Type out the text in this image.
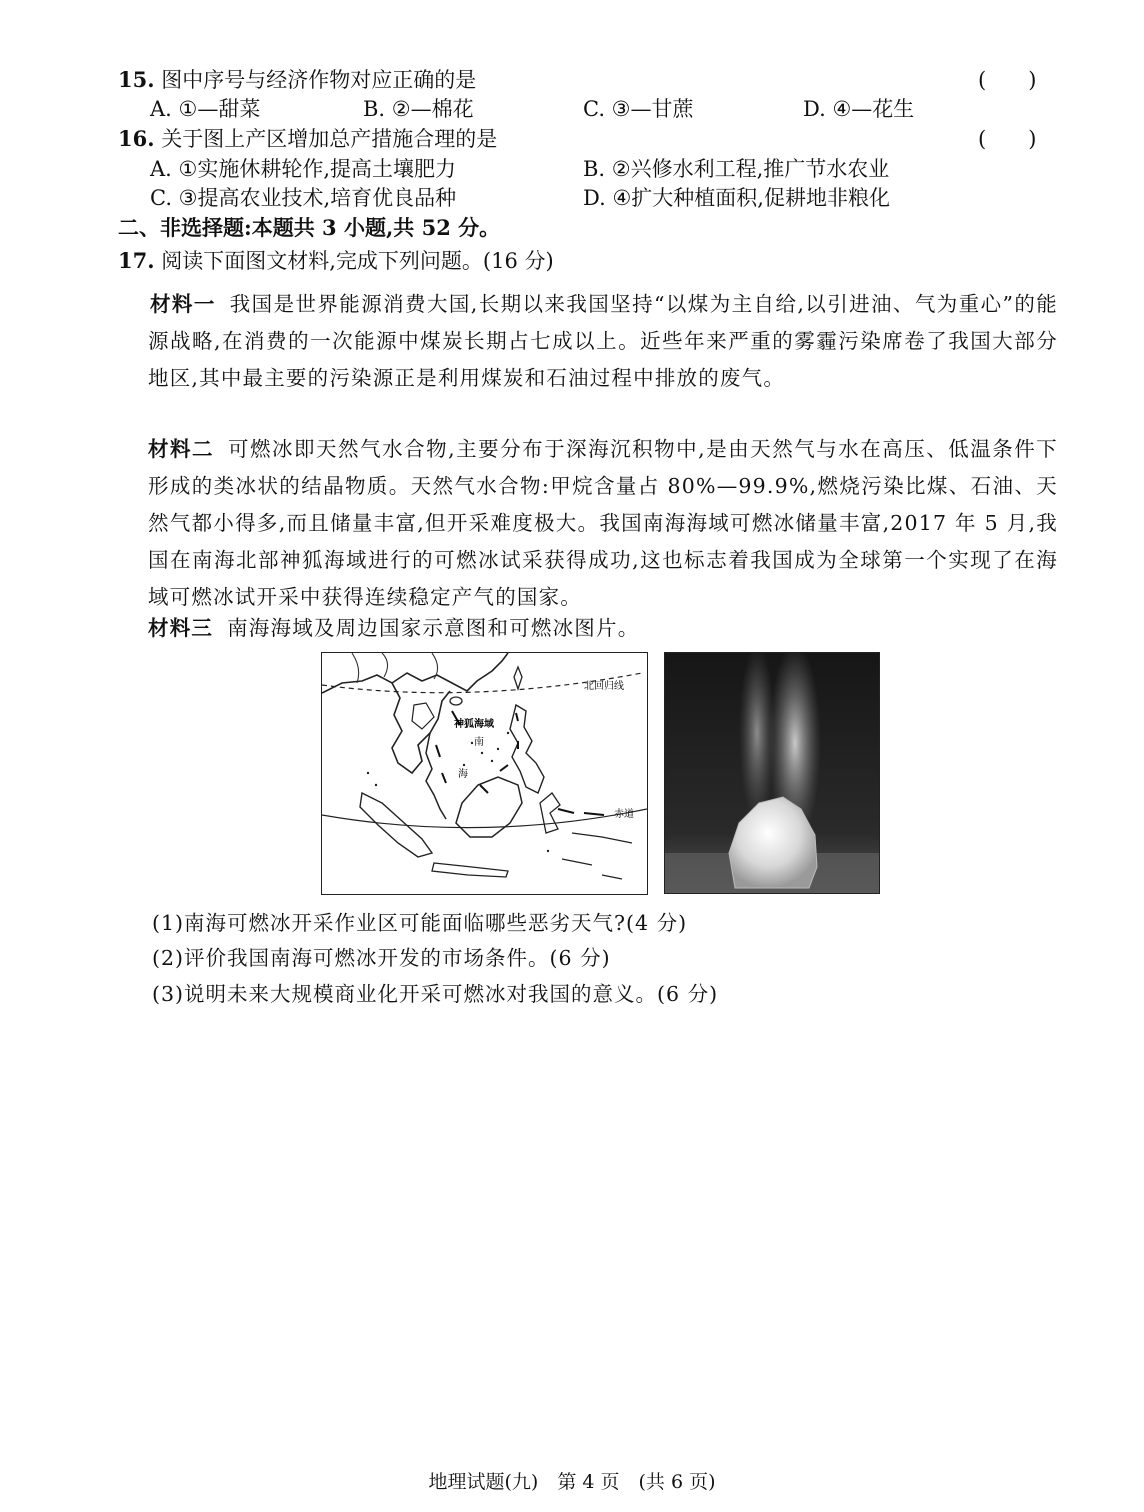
15. 图中序号与经济作物对应正确的是	(　　)
A. ①—甜菜	B. ②—棉花	C. ③—甘蔗	D. ④—花生
16. 关于图上产区增加总产措施合理的是	(　　)
A. ①实施休耕轮作,提高土壤肥力	B. ②兴修水利工程,推广节水农业
C. ③提高农业技术,培育优良品种	D. ④扩大种植面积,促耕地非粮化
二、非选择题:本题共 3 小题,共 52 分。
17. 阅读下面图文材料,完成下列问题。(16 分)
材料一 我国是世界能源消费大国,长期以来我国坚持“以煤为主自给,以引进油、气为重心”的能源战略,在消费的一次能源中煤炭长期占七成以上。近些年来严重的雾霾污染席卷了我国大部分地区,其中最主要的污染源正是利用煤炭和石油过程中排放的废气。
材料二 可燃冰即天然气水合物,主要分布于深海沉积物中,是由天然气与水在高压、低温条件下形成的类冰状的结晶物质。天然气水合物:甲烷含量占 80%—99.9%,燃烧污染比煤、石油、天然气都小得多,而且储量丰富,但开采难度极大。我国南海海域可燃冰储量丰富,2017 年 5 月,我国在南海北部神狐海域进行的可燃冰试采获得成功,这也标志着我国成为全球第一个实现了在海域可燃冰试开采中获得连续稳定产气的国家。
材料三 南海海域及周边国家示意图和可燃冰图片。
北回归线
赤道
神狐海域
南
海
(1)南海可燃冰开采作业区可能面临哪些恶劣天气?(4 分)
(2)评价我国南海可燃冰开发的市场条件。(6 分)
(3)说明未来大规模商业化开采可燃冰对我国的意义。(6 分)
地理试题(九)　第 4 页　(共 6 页)
